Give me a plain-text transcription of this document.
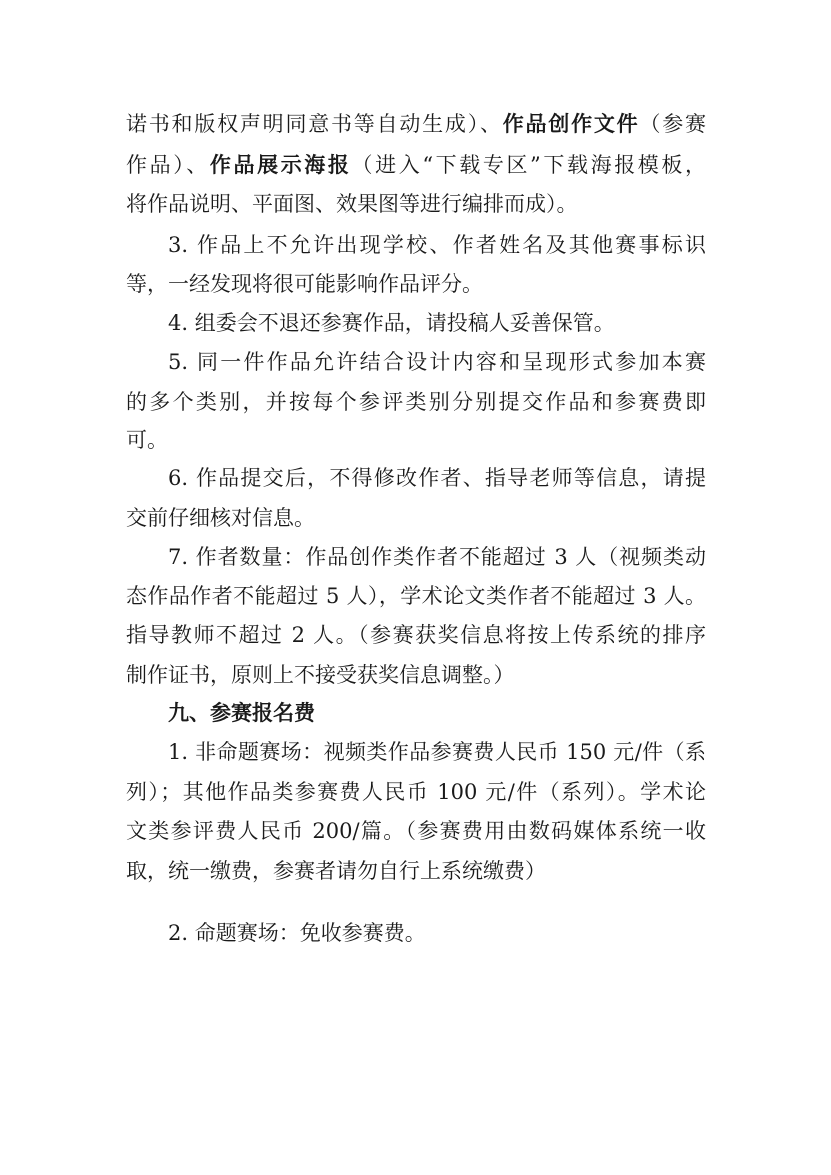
诺书和版权声明同意书等自动生成）、作品创作文件（参赛
作品）、作品展示海报（进入“下载专区”下载海报模板，
将作品说明、平面图、效果图等进行编排而成）。
3. 作品上不允许出现学校、作者姓名及其他赛事标识
等，一经发现将很可能影响作品评分。
4. 组委会不退还参赛作品，请投稿人妥善保管。
5. 同一件作品允许结合设计内容和呈现形式参加本赛
的多个类别，并按每个参评类别分别提交作品和参赛费即
可。
6. 作品提交后，不得修改作者、指导老师等信息，请提
交前仔细核对信息。
7. 作者数量：作品创作类作者不能超过 3 人（视频类动
态作品作者不能超过 5 人），学术论文类作者不能超过 3 人。
指导教师不超过 2 人。（参赛获奖信息将按上传系统的排序
制作证书，原则上不接受获奖信息调整。）
九、参赛报名费
1. 非命题赛场：视频类作品参赛费人民币 150 元/件（系
列）；其他作品类参赛费人民币 100 元/件（系列）。学术论
文类参评费人民币 200/篇。（参赛费用由数码媒体系统一收
取，统一缴费，参赛者请勿自行上系统缴费）
2. 命题赛场：免收参赛费。
